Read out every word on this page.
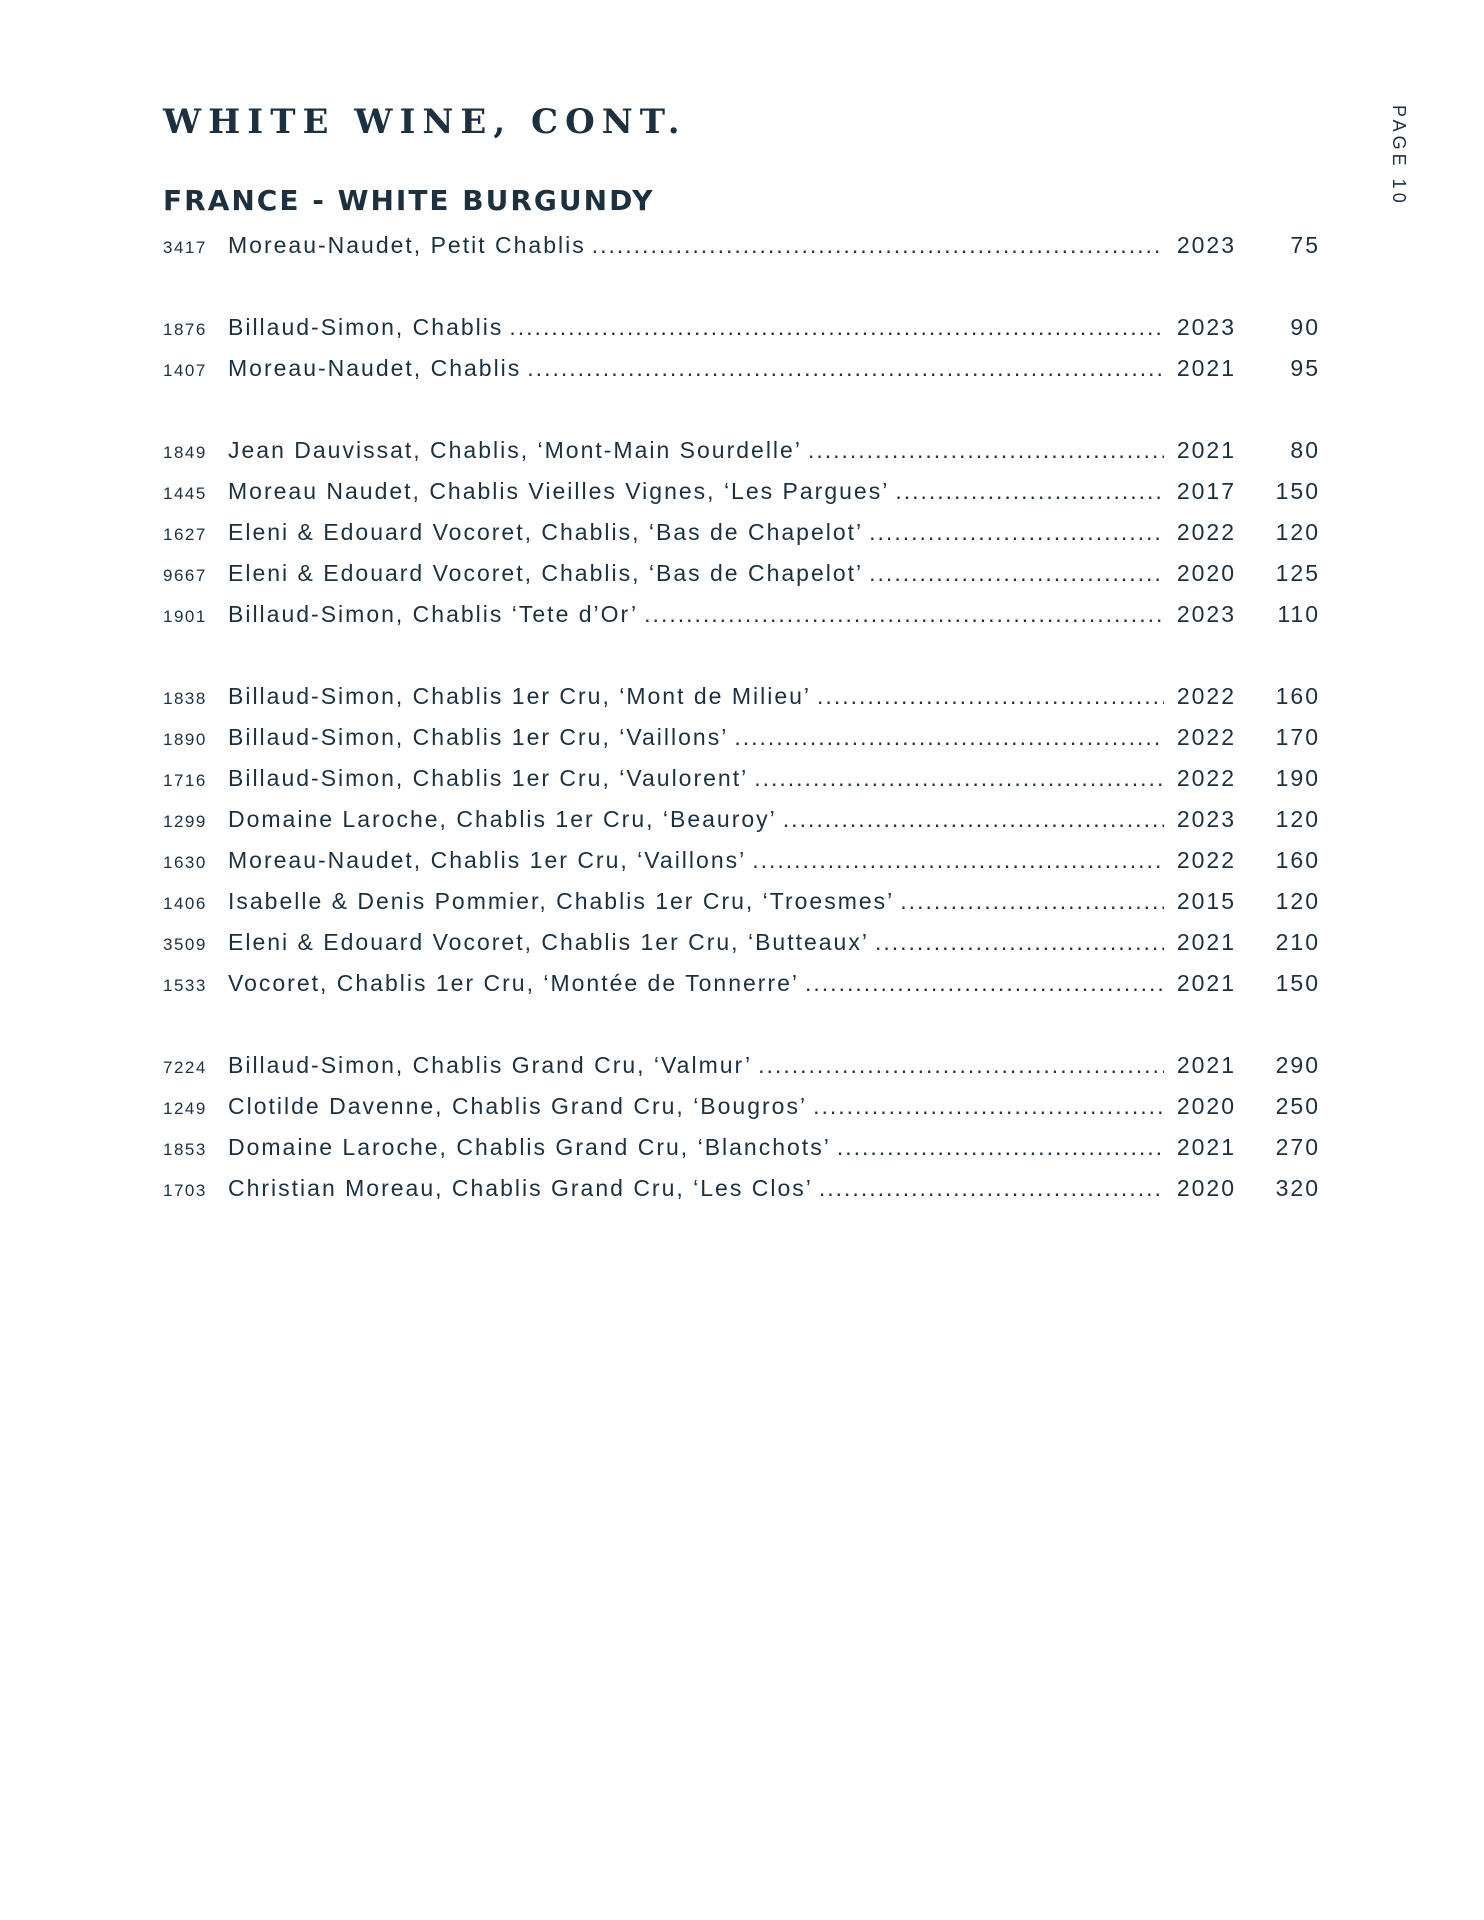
WHITE WINE, CONT.	PAGE 10
FRANCE - WHITE BURGUNDY
3417 Moreau-Naudet, Petit Chablis .....	2023	75
1876 Billaud-Simon, Chablis .....	2023	90
1407 Moreau-Naudet, Chablis .....	2021	95
1849 Jean Dauvissat, Chablis, ‘Mont-Main Sourdelle’ .....	2021	80
1445 Moreau Naudet, Chablis Vieilles Vignes, ‘Les Pargues’ .....	2017	150
1627 Eleni & Edouard Vocoret, Chablis, ‘Bas de Chapelot’ .....	2022	120
9667 Eleni & Edouard Vocoret, Chablis, ‘Bas de Chapelot’ .....	2020	125
1901 Billaud-Simon, Chablis ‘Tete d’Or’ .....	2023	110
1838 Billaud-Simon, Chablis 1er Cru, ‘Mont de Milieu’ .....	2022	160
1890 Billaud-Simon, Chablis 1er Cru, ‘Vaillons’ .....	2022	170
1716 Billaud-Simon, Chablis 1er Cru, ‘Vaulorent’ .....	2022	190
1299 Domaine Laroche, Chablis 1er Cru, ‘Beauroy’ .....	2023	120
1630 Moreau-Naudet, Chablis 1er Cru, ‘Vaillons’ .....	2022	160
1406 Isabelle & Denis Pommier, Chablis 1er Cru, ‘Troesmes’ .....	2015	120
3509 Eleni & Edouard Vocoret, Chablis 1er Cru, ‘Butteaux’ .....	2021	210
1533 Vocoret, Chablis 1er Cru, ‘Montée de Tonnerre’ .....	2021	150
7224 Billaud-Simon, Chablis Grand Cru, ‘Valmur’ .....	2021	290
1249 Clotilde Davenne, Chablis Grand Cru, ‘Bougros’ .....	2020	250
1853 Domaine Laroche, Chablis Grand Cru, ‘Blanchots’ .....	2021	270
1703 Christian Moreau, Chablis Grand Cru, ‘Les Clos’ .....	2020	320
